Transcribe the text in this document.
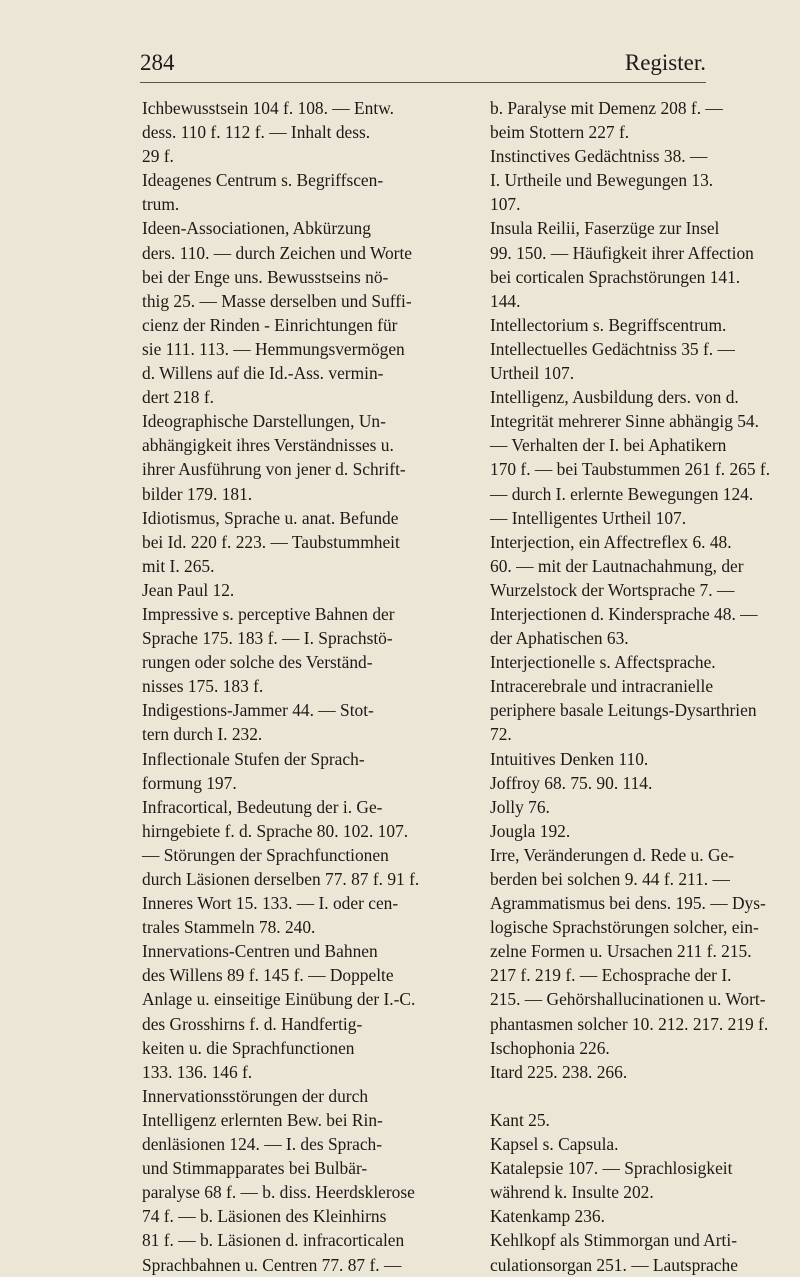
284	Register.
Ichbewusstsein 104 f. 108. — Entw.
dess. 110 f. 112 f. — Inhalt dess.
29 f.
Ideagenes Centrum s. Begriffscen-
trum.
Ideen-Associationen, Abkürzung
ders. 110. — durch Zeichen und Worte
bei der Enge uns. Bewusstseins nö-
thig 25. — Masse derselben und Suffi-
cienz der Rinden - Einrichtungen für
sie 111. 113. — Hemmungsvermögen
d. Willens auf die Id.-Ass. vermin-
dert 218 f.
Ideographische Darstellungen, Un-
abhängigkeit ihres Verständnisses u.
ihrer Ausführung von jener d. Schrift-
bilder 179. 181.
Idiotismus, Sprache u. anat. Befunde
bei Id. 220 f. 223. — Taubstummheit
mit I. 265.
Jean Paul 12.
Impressive s. perceptive Bahnen der
Sprache 175. 183 f. — I. Sprachstö-
rungen oder solche des Verständ-
nisses 175. 183 f.
Indigestions-Jammer 44. — Stot-
tern durch I. 232.
Inflectionale Stufen der Sprach-
formung 197.
Infracortical, Bedeutung der i. Ge-
hirngebiete f. d. Sprache 80. 102. 107.
— Störungen der Sprachfunctionen
durch Läsionen derselben 77. 87 f. 91 f.
Inneres Wort 15. 133. — I. oder cen-
trales Stammeln 78. 240.
Innervations-Centren und Bahnen
des Willens 89 f. 145 f. — Doppelte
Anlage u. einseitige Einübung der I.-C.
des Grosshirns f. d. Handfertig-
keiten u. die Sprachfunctionen
133. 136. 146 f.
Innervationsstörungen der durch
Intelligenz erlernten Bew. bei Rin-
denläsionen 124. — I. des Sprach-
und Stimmapparates bei Bulbär-
paralyse 68 f. — b. diss. Heerdsklerose
74 f. — b. Läsionen des Kleinhirns
81 f. — b. Läsionen d. infracorticalen
Sprachbahnen u. Centren 77. 87 f. —
b. Paralyse mit Demenz 208 f. —
beim Stottern 227 f.
Instinctives Gedächtniss 38. —
I. Urtheile und Bewegungen 13.
107.
Insula Reilii, Faserzüge zur Insel
99. 150. — Häufigkeit ihrer Affection
bei corticalen Sprachstörungen 141.
144.
Intellectorium s. Begriffscentrum.
Intellectuelles Gedächtniss 35 f. —
Urtheil 107.
Intelligenz, Ausbildung ders. von d.
Integrität mehrerer Sinne abhängig 54.
— Verhalten der I. bei Aphatikern
170 f. — bei Taubstummen 261 f. 265 f.
— durch I. erlernte Bewegungen 124.
— Intelligentes Urtheil 107.
Interjection, ein Affectreflex 6. 48.
60. — mit der Lautnachahmung, der
Wurzelstock der Wortsprache 7. —
Interjectionen d. Kindersprache 48. —
der Aphatischen 63.
Interjectionelle s. Affectsprache.
Intracerebrale und intracranielle
periphere basale Leitungs-Dysarthrien
72.
Intuitives Denken 110.
Joffroy 68. 75. 90. 114.
Jolly 76.
Jougla 192.
Irre, Veränderungen d. Rede u. Ge-
berden bei solchen 9. 44 f. 211. —
Agrammatismus bei dens. 195. — Dys-
logische Sprachstörungen solcher, ein-
zelne Formen u. Ursachen 211 f. 215.
217 f. 219 f. — Echosprache der I.
215. — Gehörshallucinationen u. Wort-
phantasmen solcher 10. 212. 217. 219 f.
Ischophonia 226.
Itard 225. 238. 266.
Kant 25.
Kapsel s. Capsula.
Katalepsie 107. — Sprachlosigkeit
während k. Insulte 202.
Katenkamp 236.
Kehlkopf als Stimmorgan und Arti-
culationsorgan 251. — Lautsprache
